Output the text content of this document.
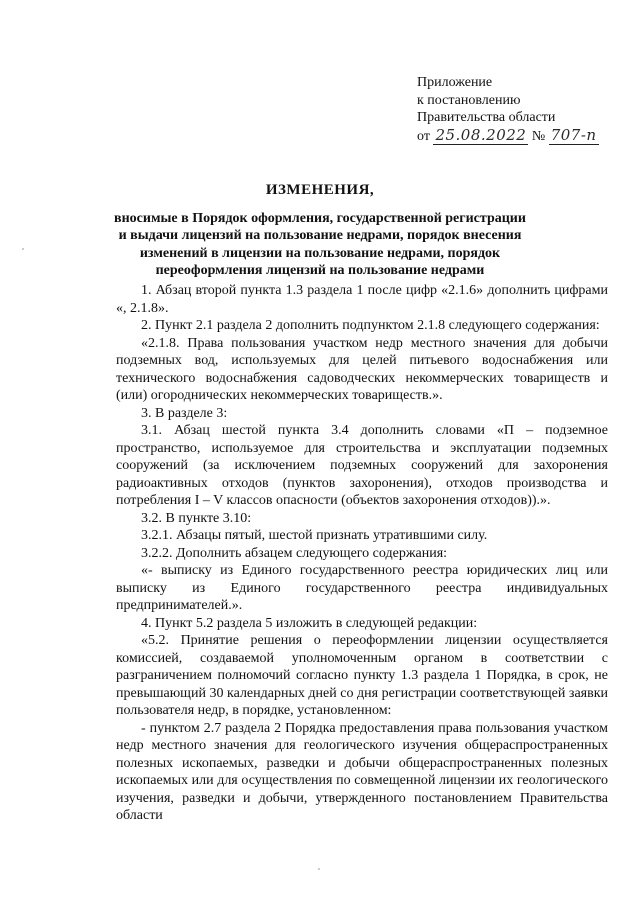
Приложение
к постановлению
Правительства области
от 25.08.2022 № 707-п
ИЗМЕНЕНИЯ,
вносимые в Порядок оформления, государственной регистрации
и выдачи лицензий на пользование недрами, порядок внесения
изменений в лицензии на пользование недрами, порядок
переоформления лицензий на пользование недрами

1. Абзац второй пункта 1.3 раздела 1 после цифр «2.1.6» дополнить цифрами «, 2.1.8».

2. Пункт 2.1 раздела 2 дополнить подпунктом 2.1.8 следующего содержания:

«2.1.8. Права пользования участком недр местного значения для добычи подземных вод, используемых для целей питьевого водоснабжения или технического водоснабжения садоводческих некоммерческих товариществ и (или) огороднических некоммерческих товариществ.».

3. В разделе 3:

3.1. Абзац шестой пункта 3.4 дополнить словами «П – подземное пространство, используемое для строительства и эксплуатации подземных сооружений (за исключением подземных сооружений для захоронения радиоактивных отходов (пунктов захоронения), отходов производства и потребления I – V классов опасности (объектов захоронения отходов)).».

3.2. В пункте 3.10:

3.2.1. Абзацы пятый, шестой признать утратившими силу.

3.2.2. Дополнить абзацем следующего содержания:

«- выписку из Единого государственного реестра юридических лиц или выписку из Единого государственного реестра индивидуальных предпринимателей.».

4. Пункт 5.2 раздела 5 изложить в следующей редакции:

«5.2. Принятие решения о переоформлении лицензии осуществляется комиссией, создаваемой уполномоченным органом в соответствии с разграничением полномочий согласно пункту 1.3 раздела 1 Порядка, в срок, не превышающий 30 календарных дней со дня регистрации соответствующей заявки пользователя недр, в порядке, установленном:

- пунктом 2.7 раздела 2 Порядка предоставления права пользования участком недр местного значения для геологического изучения общераспространенных полезных ископаемых, разведки и добычи общераспространенных полезных ископаемых или для осуществления по совмещенной лицензии их геологического изучения, разведки и добычи, утвержденного постановлением Правительства области
